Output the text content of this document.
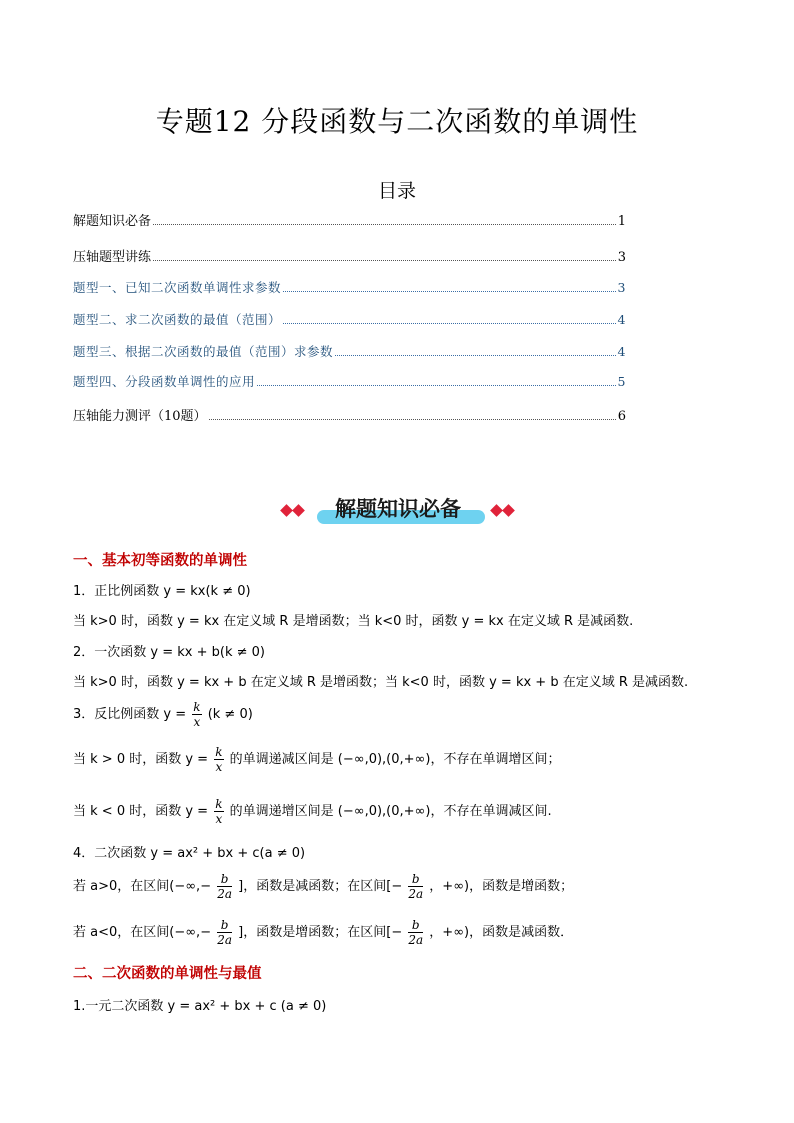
专题12 分段函数与二次函数的单调性
目录
解题知识必备	1
压轴题型讲练	3
题型一、已知二次函数单调性求参数	3
题型二、求二次函数的最值（范围）	4
题型三、根据二次函数的最值（范围）求参数	4
题型四、分段函数单调性的应用	5
压轴能力测评（10题）	6
解题知识必备
一、基本初等函数的单调性
1．正比例函数 y = kx(k ≠ 0)
当 k>0 时，函数 y = kx 在定义域 R 是增函数；当 k<0 时，函数 y = kx 在定义域 R 是减函数.
2．一次函数 y = kx + b(k ≠ 0)
当 k>0 时，函数 y = kx + b 在定义域 R 是增函数；当 k<0 时，函数 y = kx + b 在定义域 R 是减函数.
3．反比例函数 $y = \frac{k}{x} (k \ne 0)$
当 k > 0 时，函数 $y = \frac{k}{x}$ 的单调递减区间是 (−∞,0),(0,+∞)，不存在单调增区间；
当 k < 0 时，函数 $y = \frac{k}{x}$ 的单调递增区间是 (−∞,0),(0,+∞)，不存在单调减区间.
4．二次函数 y = ax² + bx + c(a ≠ 0)
若 a>0，在区间(−∞,− $\frac{b}{2a}$ ]，函数是减函数；在区间[− $\frac{b}{2a}$ ，+∞)，函数是增函数；
若 a<0，在区间(−∞,− $\frac{b}{2a}$ ]，函数是增函数；在区间[− $\frac{b}{2a}$ ，+∞)，函数是减函数．
二、二次函数的单调性与最值
1.一元二次函数 y = ax² + bx + c (a ≠ 0)
